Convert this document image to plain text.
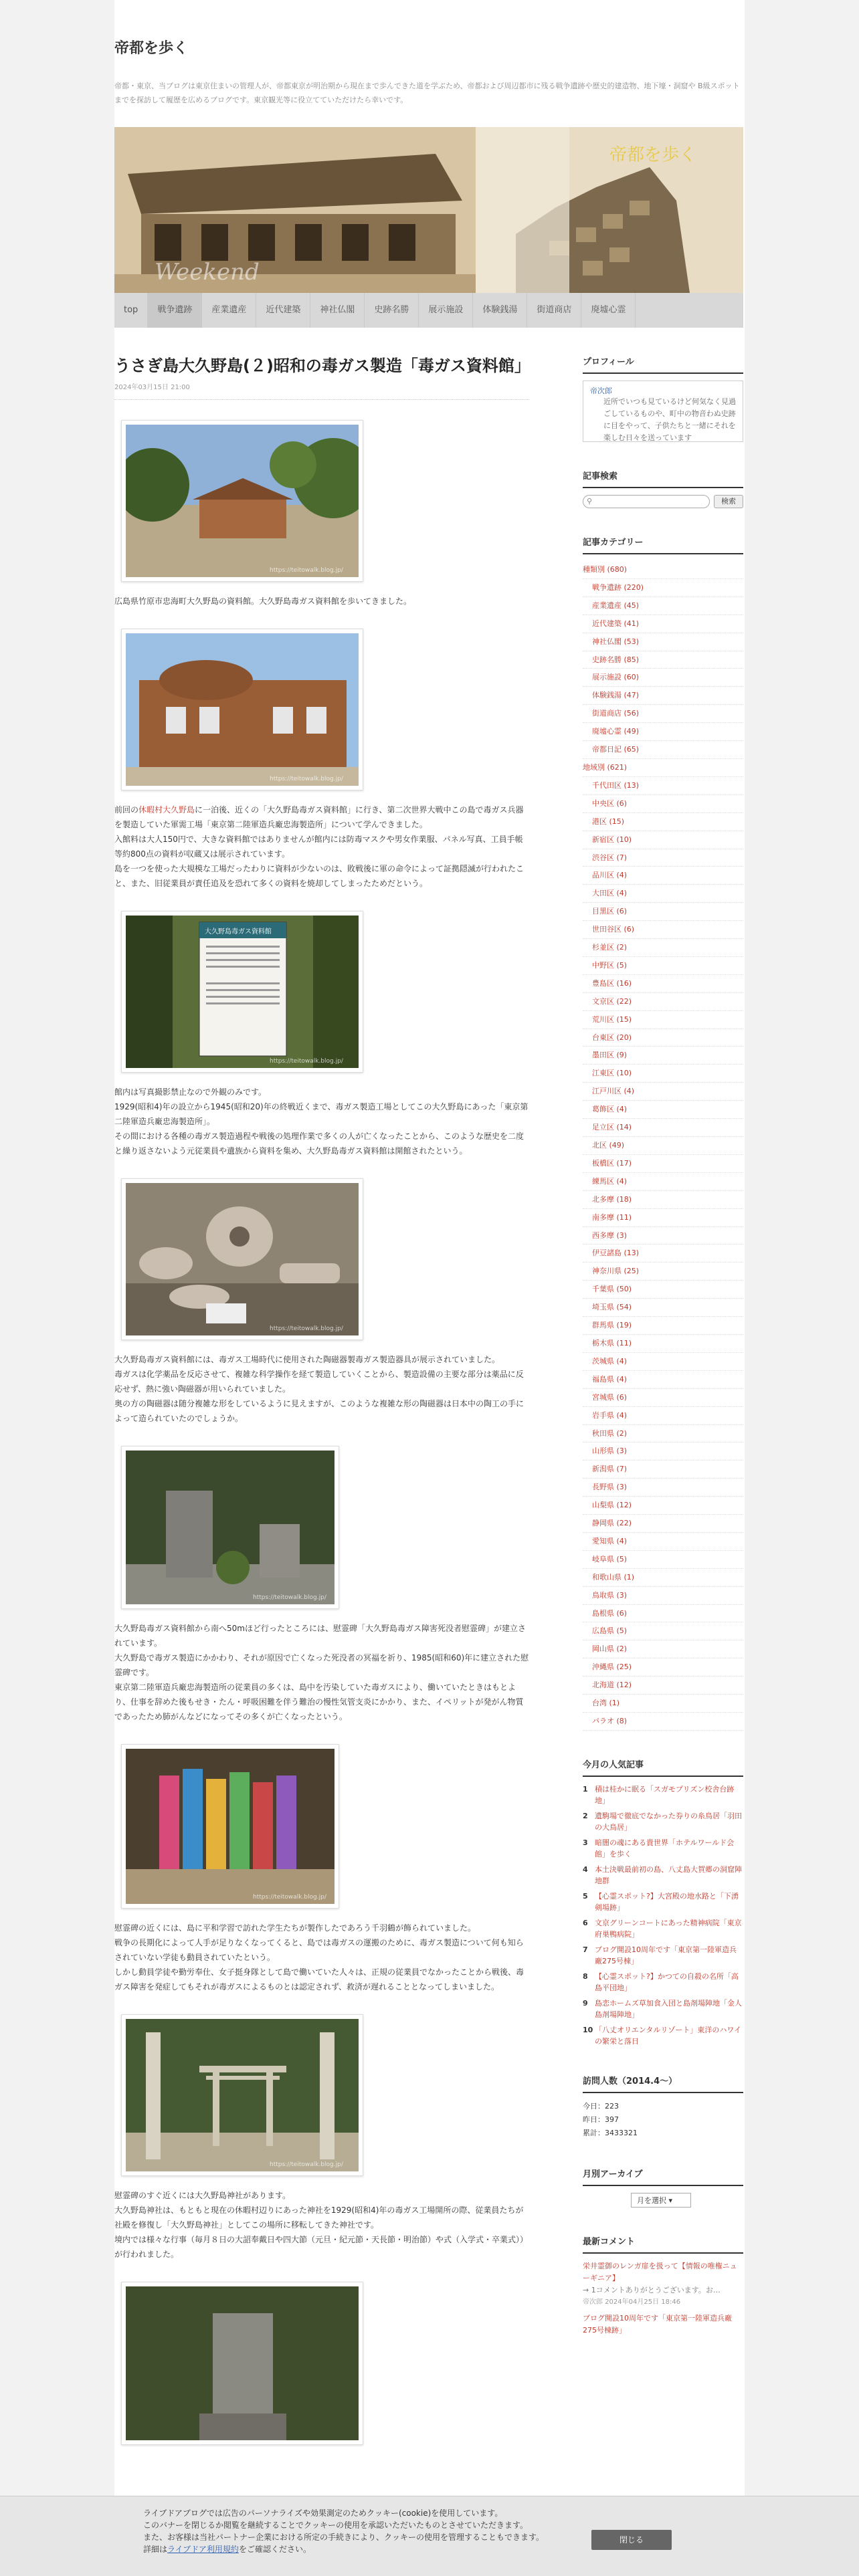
帝都を歩く
帝都・東京、当ブログは東京住まいの管理人が、帝都東京が明治期から現在まで歩んできた道を学ぶため、帝都および周辺都市に残る戦争遺跡や歴史的建造物、地下壕・洞窟や B級スポットまでを探訪して履歴を広めるブログです。東京観光等に役立てていただけたら幸いです。
Weekend
帝都を歩く
top	戦争遺跡	産業遺産	近代建築	神社仏閣	史跡名勝	展示施設	体験銭湯	街道商店	廃墟心霊
うさぎ島大久野島(２)昭和の毒ガス製造「毒ガス資料館」
2024年03月15日 21:00
https://teitowalk.blog.jp/

広島県竹原市忠海町大久野島の資料館。大久野島毒ガス資料館を歩いてきました。

https://teitowalk.blog.jp/

前回の休暇村大久野島に一泊後、近くの「大久野島毒ガス資料館」に行き、第二次世界大戦中この島で毒ガス兵器を製造していた軍需工場「東京第二陸軍造兵廠忠海製造所」について学んできました。

入館料は大人150円で、大きな資料館ではありませんが館内には防毒マスクや男女作業服、パネル写真、工員手帳等約800点の資料が収蔵又は展示されています。

島を一つを使った大規模な工場だったわりに資料が少ないのは、敗戦後に軍の命令によって証拠隠滅が行われたこと、また、旧従業員が責任追及を恐れて多くの資料を焼却してしまったためだという。

大久野島毒ガス資料館
https://teitowalk.blog.jp/

館内は写真撮影禁止なので外観のみです。

1929(昭和4)年の設立から1945(昭和20)年の終戦近くまで、毒ガス製造工場としてこの大久野島にあった「東京第二陸軍造兵廠忠海製造所」。

その間における各種の毒ガス製造過程や戦後の処理作業で多くの人が亡くなったことから、このような歴史を二度と繰り返さないよう元従業員や遺族から資料を集め、大久野島毒ガス資料館は開館されたという。

https://teitowalk.blog.jp/

大久野島毒ガス資料館には、毒ガス工場時代に使用された陶磁器製毒ガス製造器具が展示されていました。

毒ガスは化学薬品を反応させて、複雑な科学操作を経て製造していくことから、製造設備の主要な部分は薬品に反応せず、熱に強い陶磁器が用いられていました。

奥の方の陶磁器は随分複雑な形をしているように見えますが、このような複雑な形の陶磁器は日本中の陶工の手によって造られていたのでしょうか。

https://teitowalk.blog.jp/

大久野島毒ガス資料館から南へ50mほど行ったところには、慰霊碑「大久野島毒ガス障害死没者慰霊碑」が建立されています。

大久野島で毒ガス製造にかかわり、それが原因で亡くなった死没者の冥福を祈り、1985(昭和60)年に建立された慰霊碑です。

東京第二陸軍造兵廠忠海製造所の従業員の多くは、島中を汚染していた毒ガスにより、働いていたときはもとより、仕事を辞めた後もせき・たん・呼吸困難を伴う難治の慢性気管支炎にかかり、また、イペリットが発がん物質であったため肺がんなどになってその多くが亡くなったという。

https://teitowalk.blog.jp/

慰霊碑の近くには、島に平和学習で訪れた学生たちが製作したであろう千羽鶴が飾られていました。

戦争の長期化によって人手が足りなくなってくると、島では毒ガスの運搬のために、毒ガス製造について何も知らされていない学徒も動員されていたという。

しかし動員学徒や勤労奉仕、女子挺身隊として島で働いていた人々は、正規の従業員でなかったことから戦後、毒ガス障害を発症してもそれが毒ガスによるものとは認定されず、救済が遅れることとなってしまいました。

https://teitowalk.blog.jp/

慰霊碑のすぐ近くには大久野島神社があります。

大久野島神社は、もともと現在の休暇村辺りにあった神社を1929(昭和4)年の毒ガス工場開所の際、従業員たちが社殿を修復し「大久野島神社」としてこの場所に移転してきた神社です。

境内では様々な行事（毎月８日の大詔奉戴日や四大節（元旦・紀元節・天長節・明治節）や式（入学式・卒業式））が行われました。

プロフィール
帝次郎
近所でいつも見ているけど何気なく見過ごしているものや、町中の物音わぬ史跡に目をやって、子供たちと一緒にそれを楽しむ日々を送っています
記事検索
⚲	検索
記事カテゴリー
種類別 (680)
戦争遺跡 (220)
産業遺産 (45)
近代建築 (41)
神社仏閣 (53)
史跡名勝 (85)
展示施設 (60)
体験銭湯 (47)
街道商店 (56)
廃墟心霊 (49)
帝都日記 (65)
地域別 (621)
千代田区 (13)
中央区 (6)
港区 (15)
新宿区 (10)
渋谷区 (7)
品川区 (4)
大田区 (4)
目黒区 (6)
世田谷区 (6)
杉並区 (2)
中野区 (5)
豊島区 (16)
文京区 (22)
荒川区 (15)
台東区 (20)
墨田区 (9)
江東区 (10)
江戸川区 (4)
葛飾区 (4)
足立区 (14)
北区 (49)
板橋区 (17)
練馬区 (4)
北多摩 (18)
南多摩 (11)
西多摩 (3)
伊豆諸島 (13)
神奈川県 (25)
千葉県 (50)
埼玉県 (54)
群馬県 (19)
栃木県 (11)
茨城県 (4)
福島県 (4)
宮城県 (6)
岩手県 (4)
秋田県 (2)
山形県 (3)
新潟県 (7)
長野県 (3)
山梨県 (12)
静岡県 (22)
愛知県 (4)
岐阜県 (5)
和歌山県 (1)
鳥取県 (3)
島根県 (6)
広島県 (5)
岡山県 (2)
沖縄県 (25)
北海道 (12)
台湾 (1)
パラオ (8)
今月の人気記事
1 積は桂かに眠る「スガモプリズン校舎台跡地」
2 遺駒場で徹底でなかった券りの糸鳥居「羽田の大鳥居」
3 暗闇の魂にある貴世界「ホテルワールド会館」を歩く
4 本土決戦最前初の島、八丈島大賀郷の洞窟陣地群
5 【心霊スポット?】大宮殿の地水路と「下湧剣場跡」
6 文京グリーンコートにあった精神病院「東京府巣鴨病院」
7 ブログ開設10周年です「東京第一陸軍造兵廠275号棟」
8 【心霊スポット?】かつての自殺の名所「高島平団地」
9 島恋ホームズ草加食入団と島剤場陣地「金人島剤場陣地」
10 「八丈オリエンタルリゾート」東洋のハワイの繁栄と落日
訪問人数（2014.4〜）
今日：223
昨日：397
累計：3433321
月別アーカイブ
月を選択 ▾
最新コメント
栄井霊御のレンガ扉を扱って【情報の唯権ニューギニア】
→ 1コメントありがとうございます。お…
帝次郎 2024年04月25日 18:46
ブログ開設10周年です「東京第一陸軍造兵廠275号棟跡」
ライブドアブログでは広告のパーソナライズや効果測定のためクッキー(cookie)を使用しています。
このバナーを閉じるか閲覧を継続することでクッキーの使用を承認いただいたものとさせていただきます。
また、お客様は当社パートナー企業における所定の手続きにより、クッキーの使用を管理することもできます。
詳細はライブドア利用規約をご確認ください。
閉じる
